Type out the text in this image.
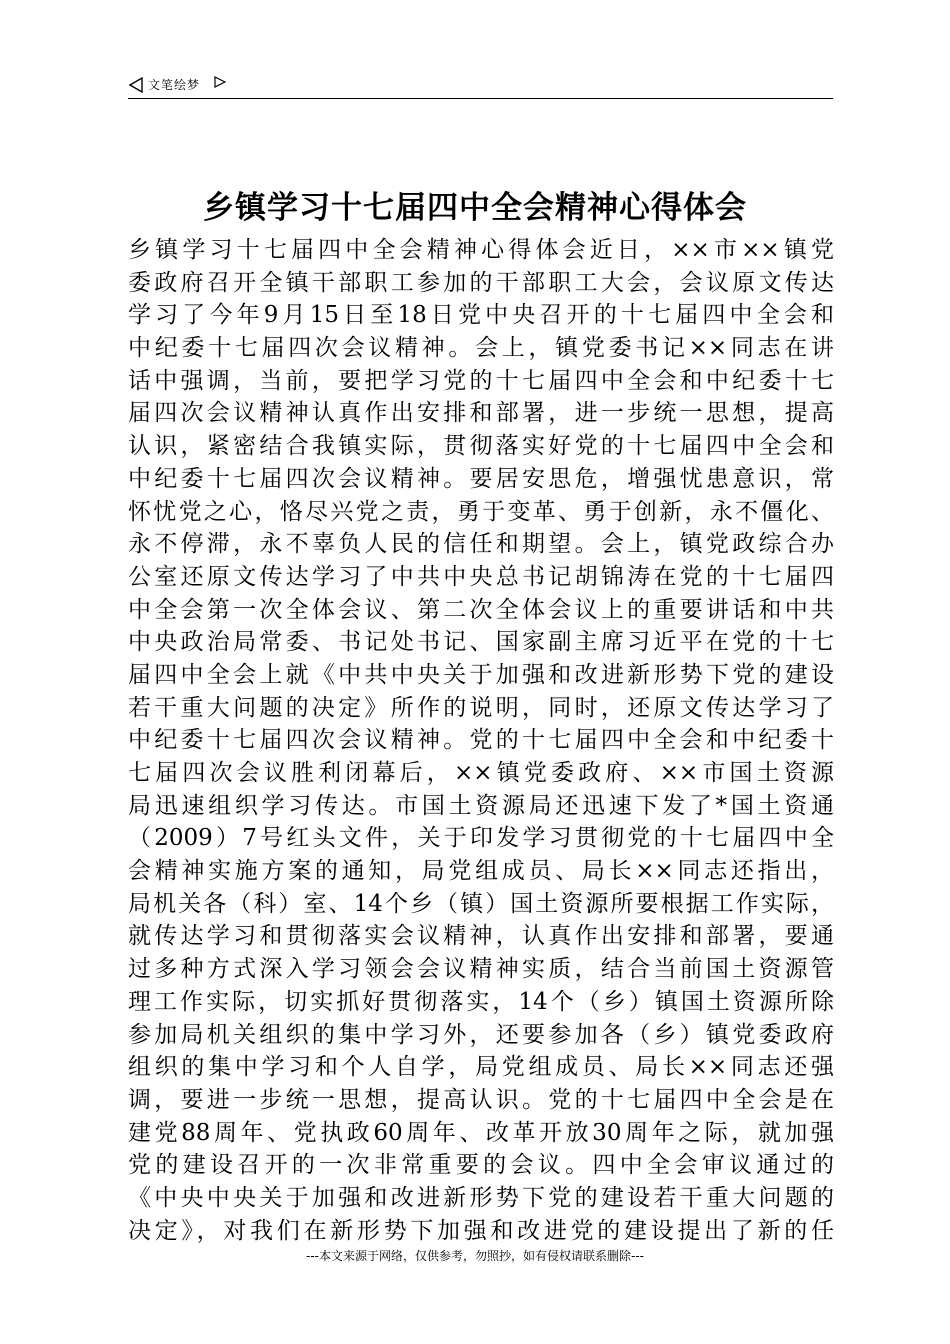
文笔绘梦
乡镇学习十七届四中全会精神心得体会
乡镇学习十七届四中全会精神心得体会近日，××市××镇党
委政府召开全镇干部职工参加的干部职工大会，会议原文传达
学习了今年9月15日至18日党中央召开的十七届四中全会和
中纪委十七届四次会议精神。会上，镇党委书记××同志在讲
话中强调，当前，要把学习党的十七届四中全会和中纪委十七
届四次会议精神认真作出安排和部署，进一步统一思想，提高
认识，紧密结合我镇实际，贯彻落实好党的十七届四中全会和
中纪委十七届四次会议精神。要居安思危，增强忧患意识，常
怀忧党之心，恪尽兴党之责，勇于变革、勇于创新，永不僵化、
永不停滞，永不辜负人民的信任和期望。会上，镇党政综合办
公室还原文传达学习了中共中央总书记胡锦涛在党的十七届四
中全会第一次全体会议、第二次全体会议上的重要讲话和中共
中央政治局常委、书记处书记、国家副主席习近平在党的十七
届四中全会上就《中共中央关于加强和改进新形势下党的建设
若干重大问题的决定》所作的说明，同时，还原文传达学习了
中纪委十七届四次会议精神。党的十七届四中全会和中纪委十
七届四次会议胜利闭幕后，××镇党委政府、××市国土资源
局迅速组织学习传达。市国土资源局还迅速下发了*国土资通
（2009）7号红头文件，关于印发学习贯彻党的十七届四中全
会精神实施方案的通知，局党组成员、局长××同志还指出，
局机关各（科）室、14个乡（镇）国土资源所要根据工作实际，
就传达学习和贯彻落实会议精神，认真作出安排和部署，要通
过多种方式深入学习领会会议精神实质，结合当前国土资源管
理工作实际，切实抓好贯彻落实，14个（乡）镇国土资源所除
参加局机关组织的集中学习外，还要参加各（乡）镇党委政府
组织的集中学习和个人自学，局党组成员、局长××同志还强
调，要进一步统一思想，提高认识。党的十七届四中全会是在
建党88周年、党执政60周年、改革开放30周年之际，就加强
党的建设召开的一次非常重要的会议。四中全会审议通过的
《中央中央关于加强和改进新形势下党的建设若干重大问题的
决定》，对我们在新形势下加强和改进党的建设提出了新的任
---本文来源于网络，仅供参考，勿照抄，如有侵权请联系删除---
